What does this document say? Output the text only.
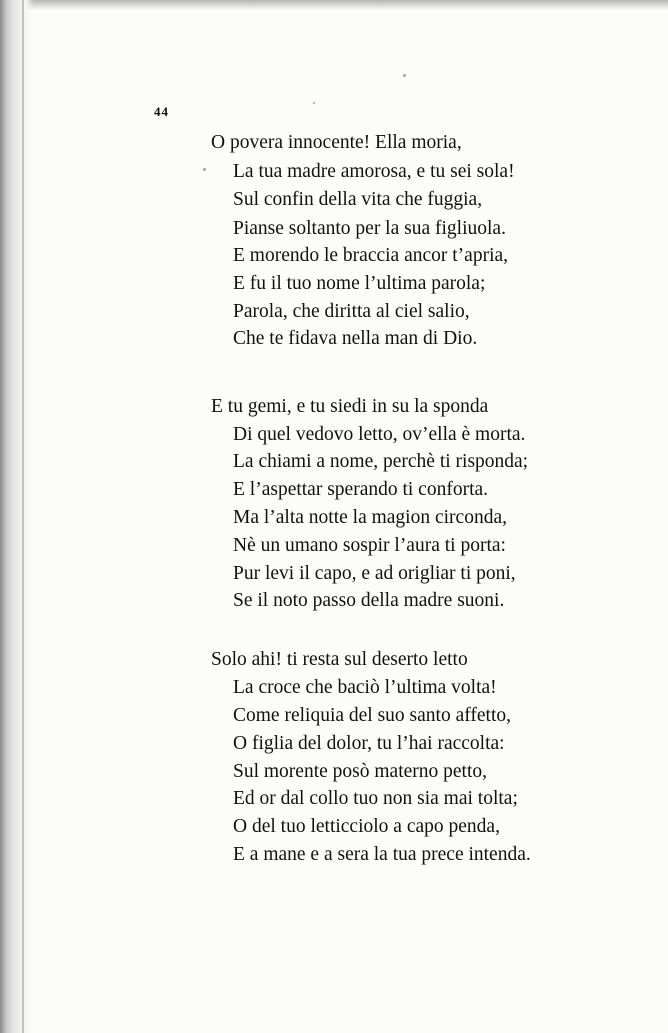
44
O povera innocente! Ella moria,
La tua madre amorosa, e tu sei sola!
Sul confin della vita che fuggia,
Pianse soltanto per la sua figliuola.
E morendo le braccia ancor t’apria,
E fu il tuo nome l’ultima parola;
Parola, che diritta al ciel salio,
Che te fidava nella man di Dio.
E tu gemi, e tu siedi in su la sponda
Di quel vedovo letto, ov’ella è morta.
La chiami a nome, perchè ti risponda;
E l’aspettar sperando ti conforta.
Ma l’alta notte la magion circonda,
Nè un umano sospir l’aura ti porta:
Pur levi il capo, e ad origliar ti poni,
Se il noto passo della madre suoni.
Solo ahi! ti resta sul deserto letto
La croce che baciò l’ultima volta!
Come reliquia del suo santo affetto,
O figlia del dolor, tu l’hai raccolta:
Sul morente posò materno petto,
Ed or dal collo tuo non sia mai tolta;
O del tuo letticciolo a capo penda,
E a mane e a sera la tua prece intenda.
